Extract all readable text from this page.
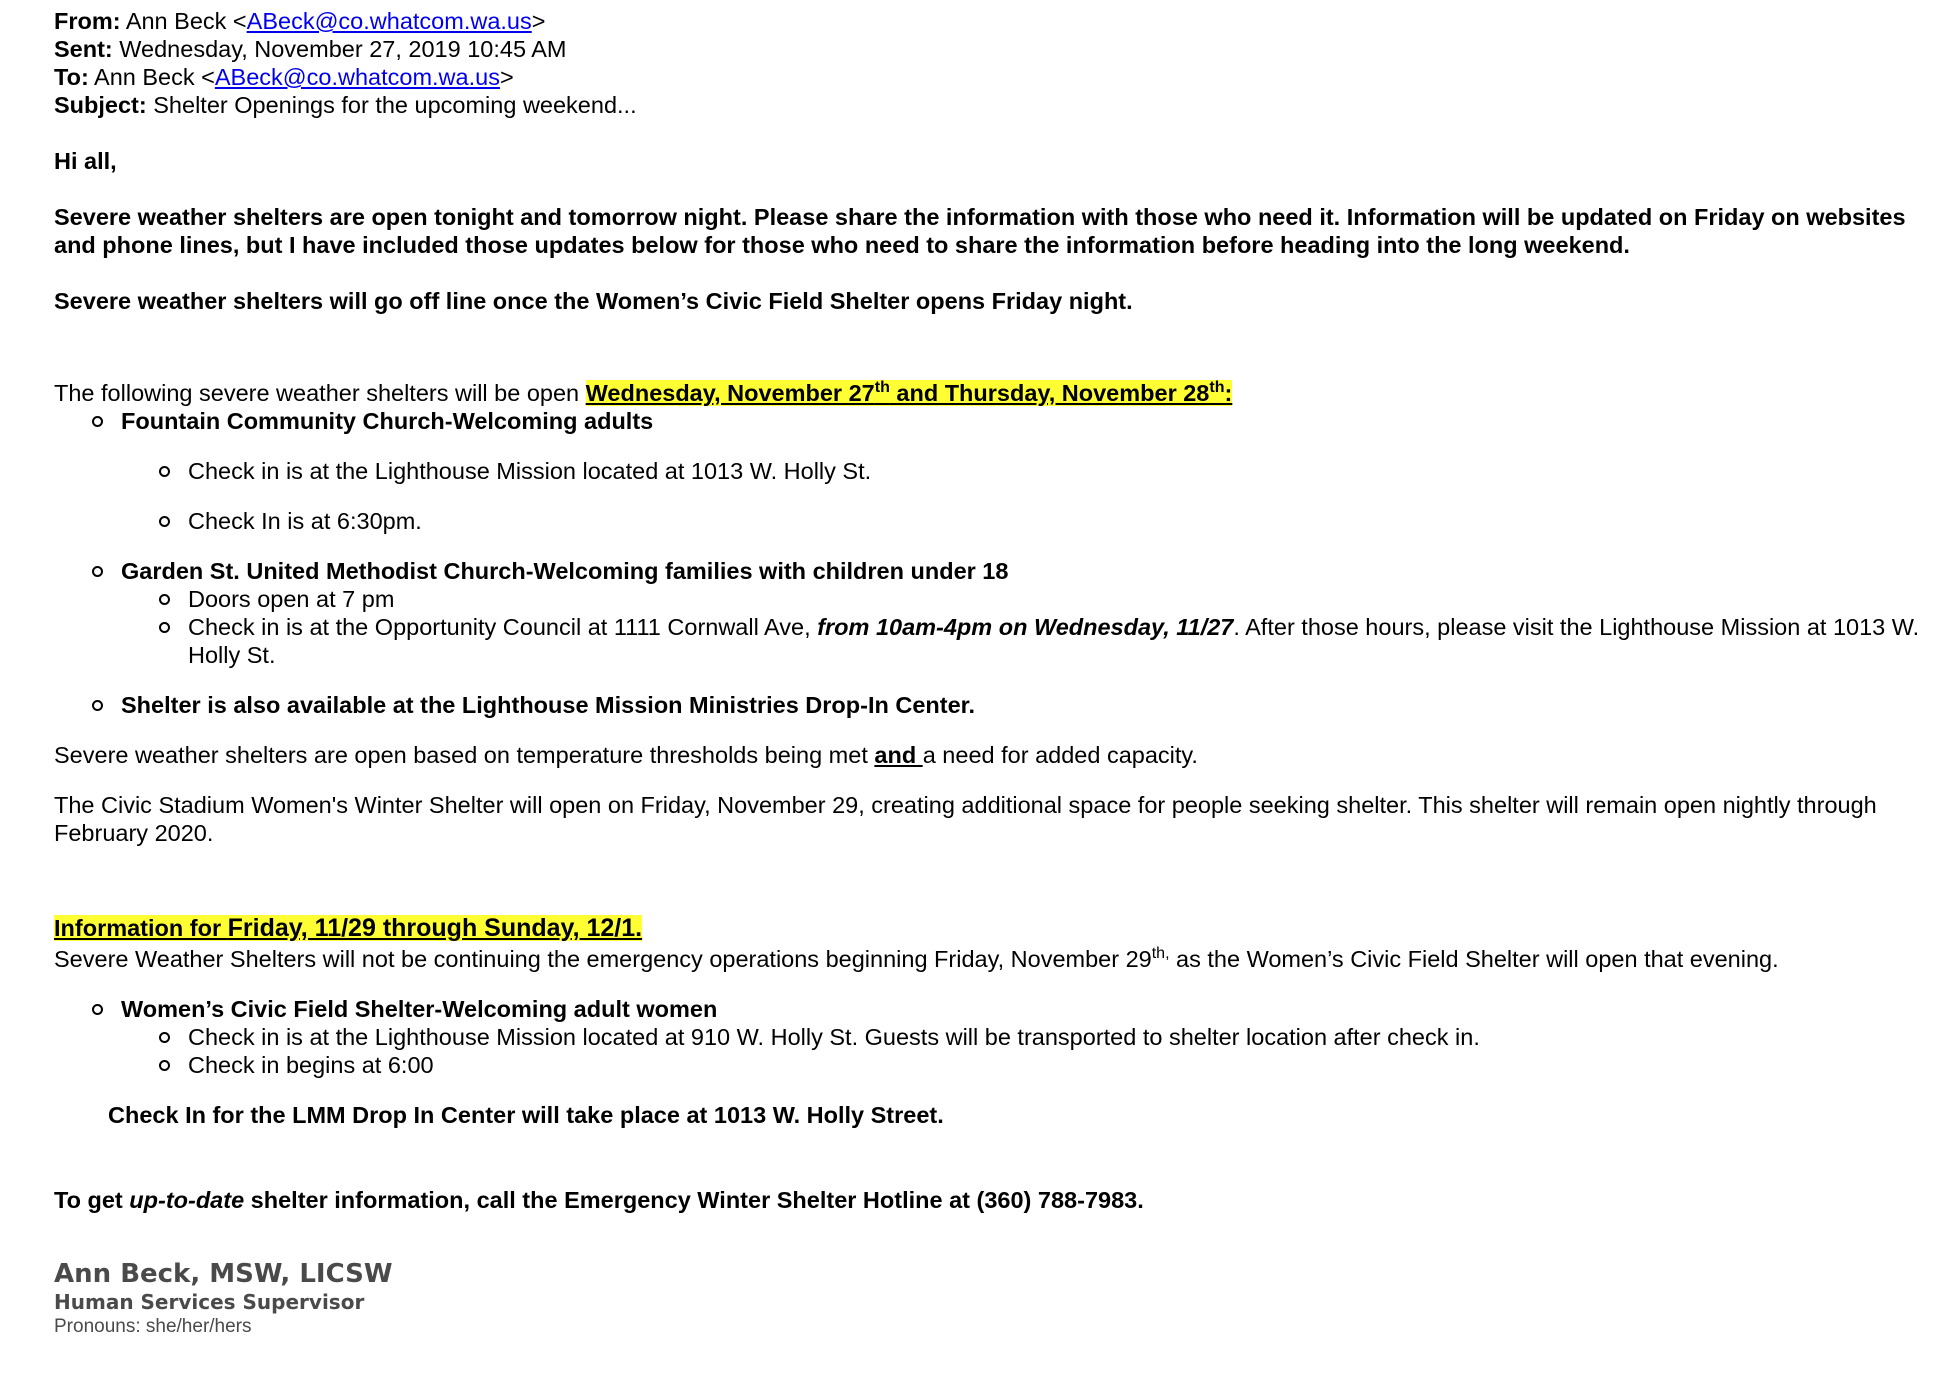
From: Ann Beck <ABeck@co.whatcom.wa.us>
Sent: Wednesday, November 27, 2019 10:45 AM
To: Ann Beck <ABeck@co.whatcom.wa.us>
Subject: Shelter Openings for the upcoming weekend...

Hi all,

Severe weather shelters are open tonight and tomorrow night. Please share the information with those who need it. Information will be updated on Friday on websites and phone lines, but I have included those updates below for those who need to share the information before heading into the long weekend.

Severe weather shelters will go off line once the Women’s Civic Field Shelter opens Friday night.

The following severe weather shelters will be open Wednesday, November 27th and Thursday, November 28th:

Fountain Community Church-Welcoming adults
Check in is at the Lighthouse Mission located at 1013 W. Holly St.
Check In is at 6:30pm.
Garden St. United Methodist Church-Welcoming families with children under 18
Doors open at 7 pm
Check in is at the Opportunity Council at 1111 Cornwall Ave, from 10am-4pm on Wednesday, 11/27. After those hours, please visit the Lighthouse Mission at 1013 W. Holly St.
Shelter is also available at the Lighthouse Mission Ministries Drop-In Center.

Severe weather shelters are open based on temperature thresholds being met and a need for added capacity.

The Civic Stadium Women's Winter Shelter will open on Friday, November 29, creating additional space for people seeking shelter. This shelter will remain open nightly through February 2020.

Information for Friday, 11/29 through Sunday, 12/1.

Severe Weather Shelters will not be continuing the emergency operations beginning Friday, November $29^{th,}$ as the Women’s Civic Field Shelter will open that evening.

Women’s Civic Field Shelter-Welcoming adult women
Check in is at the Lighthouse Mission located at 910 W. Holly St. Guests will be transported to shelter location after check in.
Check in begins at 6:00

Check In for the LMM Drop In Center will take place at 1013 W. Holly Street.

To get up-to-date shelter information, call the Emergency Winter Shelter Hotline at (360) 788-7983.

Ann Beck, MSW, LICSW
Human Services Supervisor
Pronouns: she/her/hers
